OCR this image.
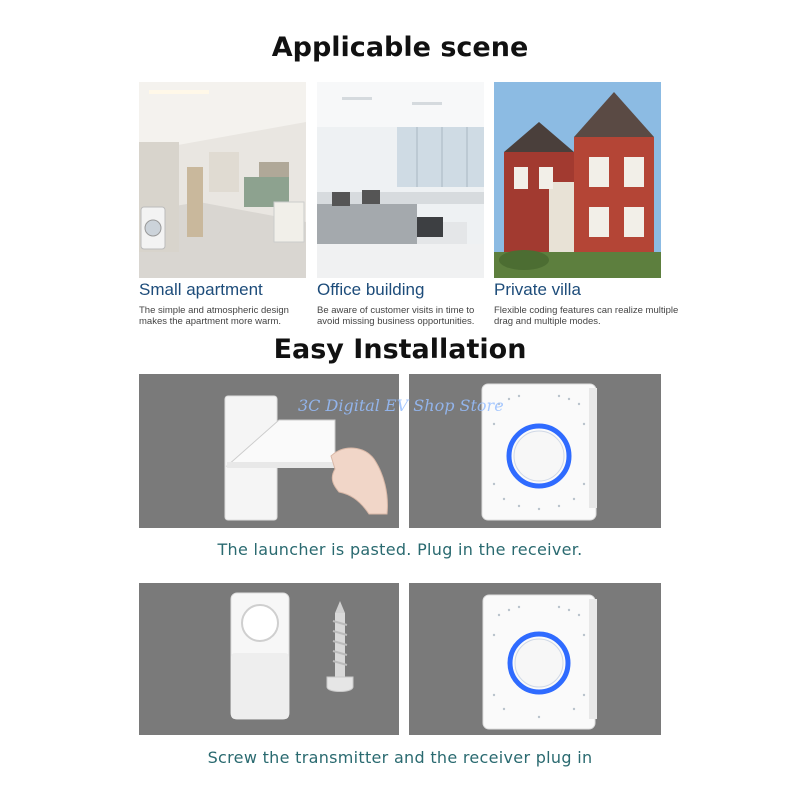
Applicable scene
Small apartment	Office building	Private villa
The simple and atmospheric design
makes the apartment more warm.
Be aware of customer visits in time to
avoid missing business opportunities.
Flexible coding features can realize multiple
drag and multiple modes.
Easy Installation
3C Digital EV Shop Store
The launcher is pasted. Plug in the receiver.
Screw the transmitter and the receiver plug in
